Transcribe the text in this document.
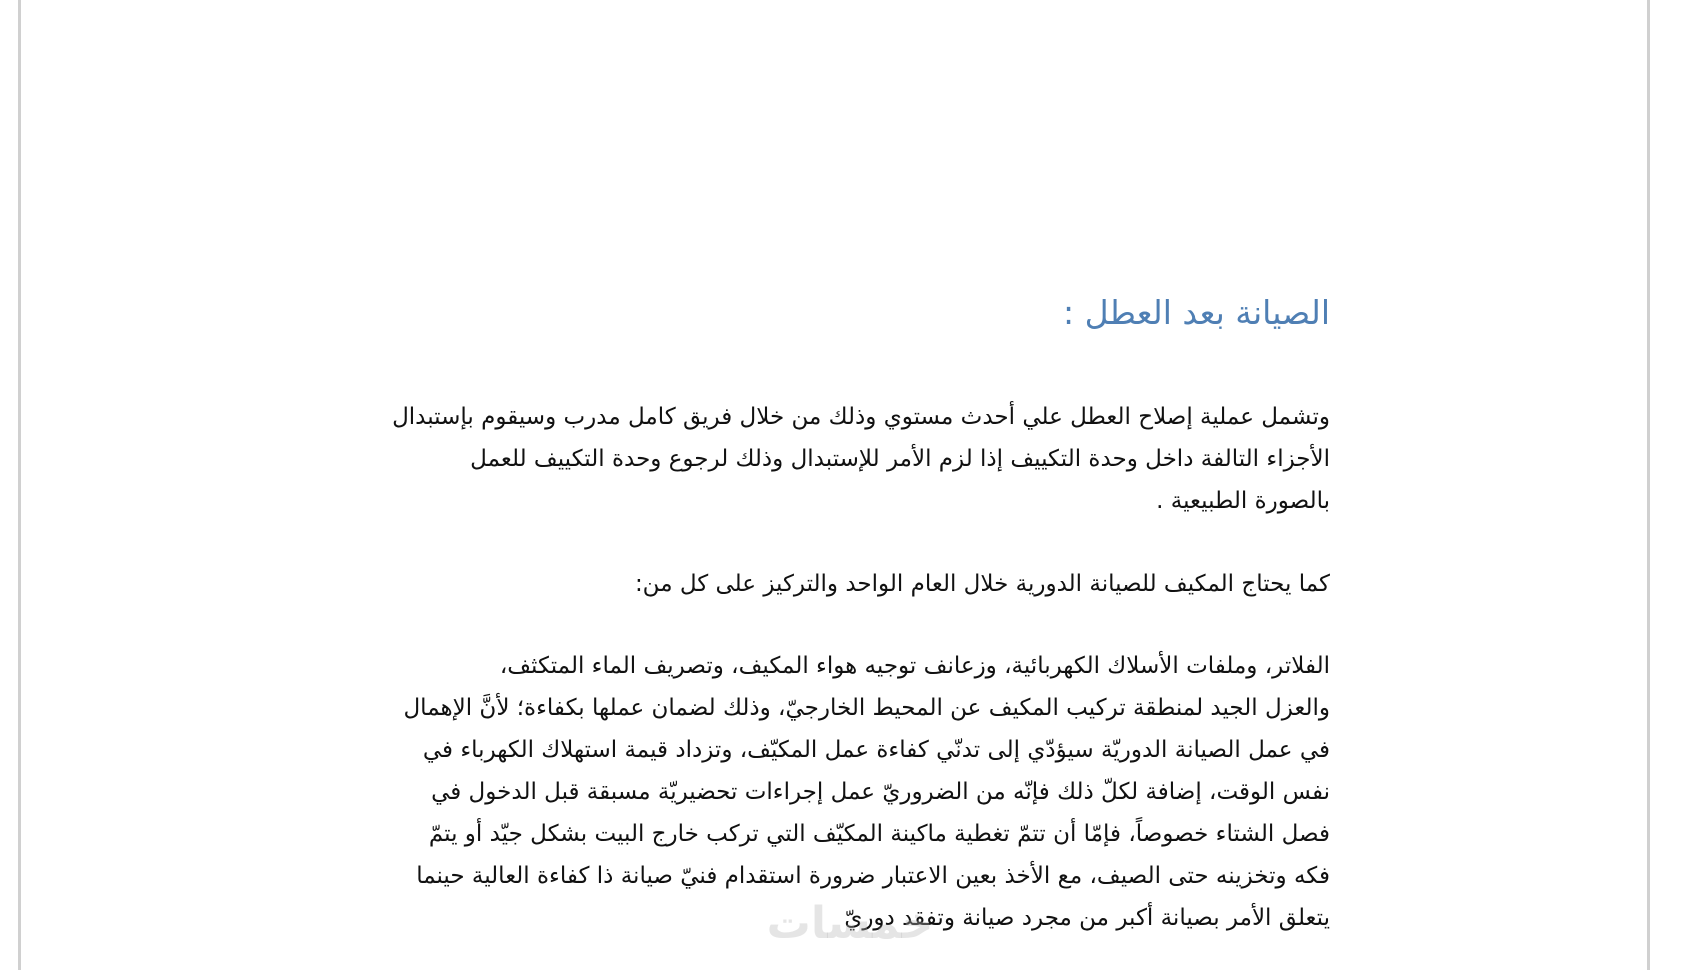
الصيانة بعد العطل :
وتشمل عملية إصلاح العطل علي أحدث مستوي وذلك من خلال فريق كامل مدرب وسيقوم بإستبدال
الأجزاء التالفة داخل وحدة التكييف إذا لزم الأمر للإستبدال وذلك لرجوع وحدة التكييف للعمل
بالصورة الطبيعية .
كما يحتاج المكيف للصيانة الدورية خلال العام الواحد والتركيز على كل من:
الفلاتر، وملفات الأسلاك الكهربائية، وزعانف توجيه هواء المكيف، وتصريف الماء المتكثف،
والعزل الجيد لمنطقة تركيب المكيف عن المحيط الخارجيّ، وذلك لضمان عملها بكفاءة؛ لأنَّ الإهمال
في عمل الصيانة الدوريّة سيؤدّي إلى تدنّي كفاءة عمل المكيّف، وتزداد قيمة استهلاك الكهرباء في
نفس الوقت، إضافة لكلّ ذلك فإنّه من الضروريّ عمل إجراءات تحضيريّة مسبقة قبل الدخول في
فصل الشتاء خصوصاً، فإمّا أن تتمّ تغطية ماكينة المكيّف التي تركب خارج البيت بشكل جيّد أو يتمّ
فكه وتخزينه حتى الصيف، مع الأخذ بعين الاعتبار ضرورة استقدام فنيّ صيانة ذا كفاءة العالية حينما
يتعلق الأمر بصيانة أكبر من مجرد صيانة وتفقد دوريّ
خمسات
